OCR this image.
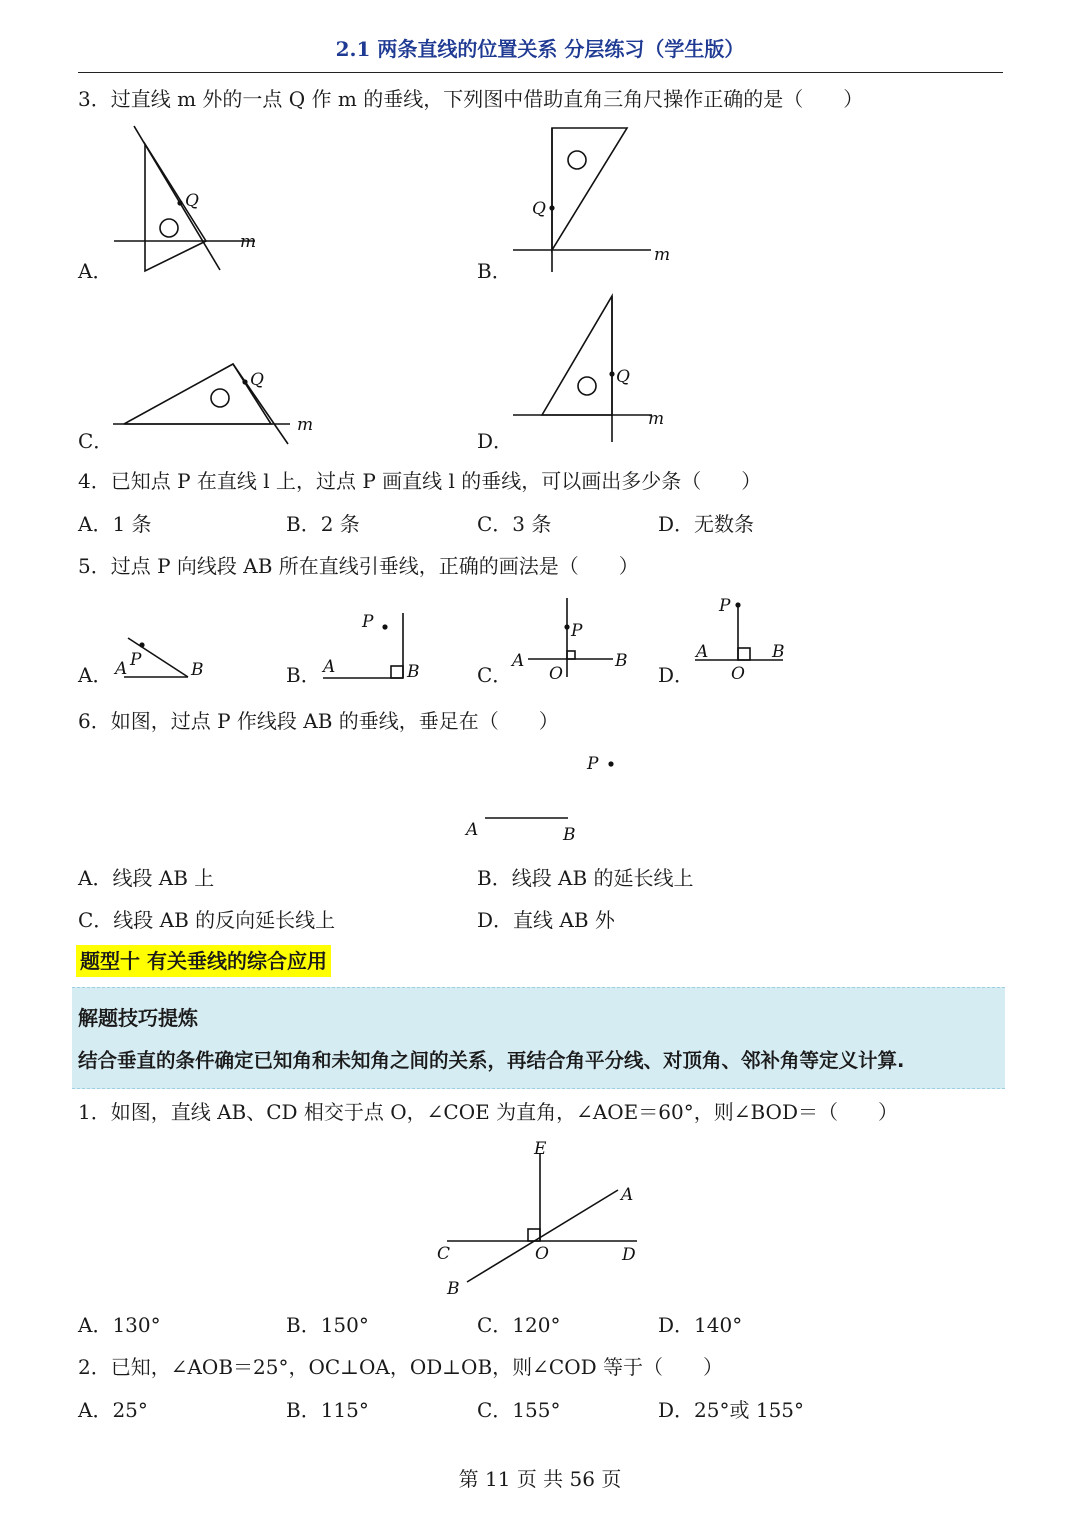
2.1 两条直线的位置关系 分层练习（学生版）
3．过直线 m 外的一点 Q 作 m 的垂线，下列图中借助直角三角尺操作正确的是（　　）
Q
m
A．
Q
m
B．
Q
m
C．
Q
m
D．
4．已知点 P 在直线 l 上，过点 P 画直线 l 的垂线，可以画出多少条（　　）
A．1 条	B．2 条	C．3 条	D．无数条
5．过点 P 向线段 AB 所在直线引垂线，正确的画法是（　　）
P
A	B
A．
P
A	B
B．
P
A	B
O
C．
P
A	B
O
D．
6．如图，过点 P 作线段 AB 的垂线，垂足在（　　）
P
A	B
A．线段 AB 上	B．线段 AB 的延长线上
C．线段 AB 的反向延长线上	D．直线 AB 外
题型十 有关垂线的综合应用
解题技巧提炼
结合垂直的条件确定已知角和未知角之间的关系，再结合角平分线、对顶角、邻补角等定义计算.
1．如图，直线 AB、CD 相交于点 O，∠COE 为直角，∠AOE＝60°，则∠BOD＝（　　）
E
A
C	O	D
B
A．130°	B．150°	C．120°	D．140°
2．已知，∠AOB＝25°，OC⊥OA，OD⊥OB，则∠COD 等于（　　）
A．25°	B．115°	C．155°	D．25°或 155°
第 11 页 共 56 页
